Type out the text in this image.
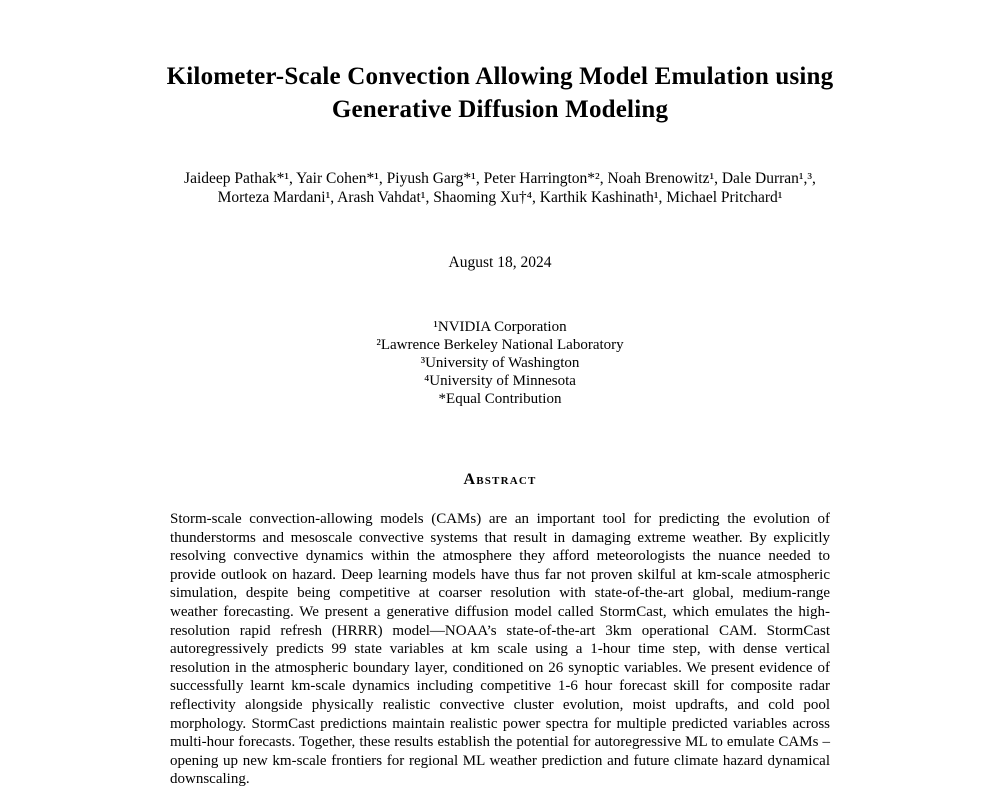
Kilometer-Scale Convection Allowing Model Emulation using
Generative Diffusion Modeling
Jaideep Pathak*¹, Yair Cohen*¹, Piyush Garg*¹, Peter Harrington*², Noah Brenowitz¹, Dale Durran¹,³,
Morteza Mardani¹, Arash Vahdat¹, Shaoming Xu†⁴, Karthik Kashinath¹, Michael Pritchard¹
August 18, 2024
¹NVIDIA Corporation
²Lawrence Berkeley National Laboratory
³University of Washington
⁴University of Minnesota
*Equal Contribution
Abstract

Storm-scale convection-allowing models (CAMs) are an important tool for predicting the evolution of thunderstorms and mesoscale convective systems that result in damaging extreme weather. By explicitly resolving convective dynamics within the atmosphere they afford meteorologists the nuance needed to provide outlook on hazard. Deep learning models have thus far not proven skilful at km-scale atmospheric simulation, despite being competitive at coarser resolution with state-of-the-art global, medium-range weather forecasting. We present a generative diffusion model called StormCast, which emulates the high-resolution rapid refresh (HRRR) model—NOAA’s state-of-the-art 3km operational CAM. StormCast autoregressively predicts 99 state variables at km scale using a 1-hour time step, with dense vertical resolution in the atmospheric boundary layer, conditioned on 26 synoptic variables. We present evidence of successfully learnt km-scale dynamics including competitive 1-6 hour forecast skill for composite radar reflectivity alongside physically realistic convective cluster evolution, moist updrafts, and cold pool morphology. StormCast predictions maintain realistic power spectra for multiple predicted variables across multi-hour forecasts. Together, these results establish the potential for autoregressive ML to emulate CAMs – opening up new km-scale frontiers for regional ML weather prediction and future climate hazard dynamical downscaling.
